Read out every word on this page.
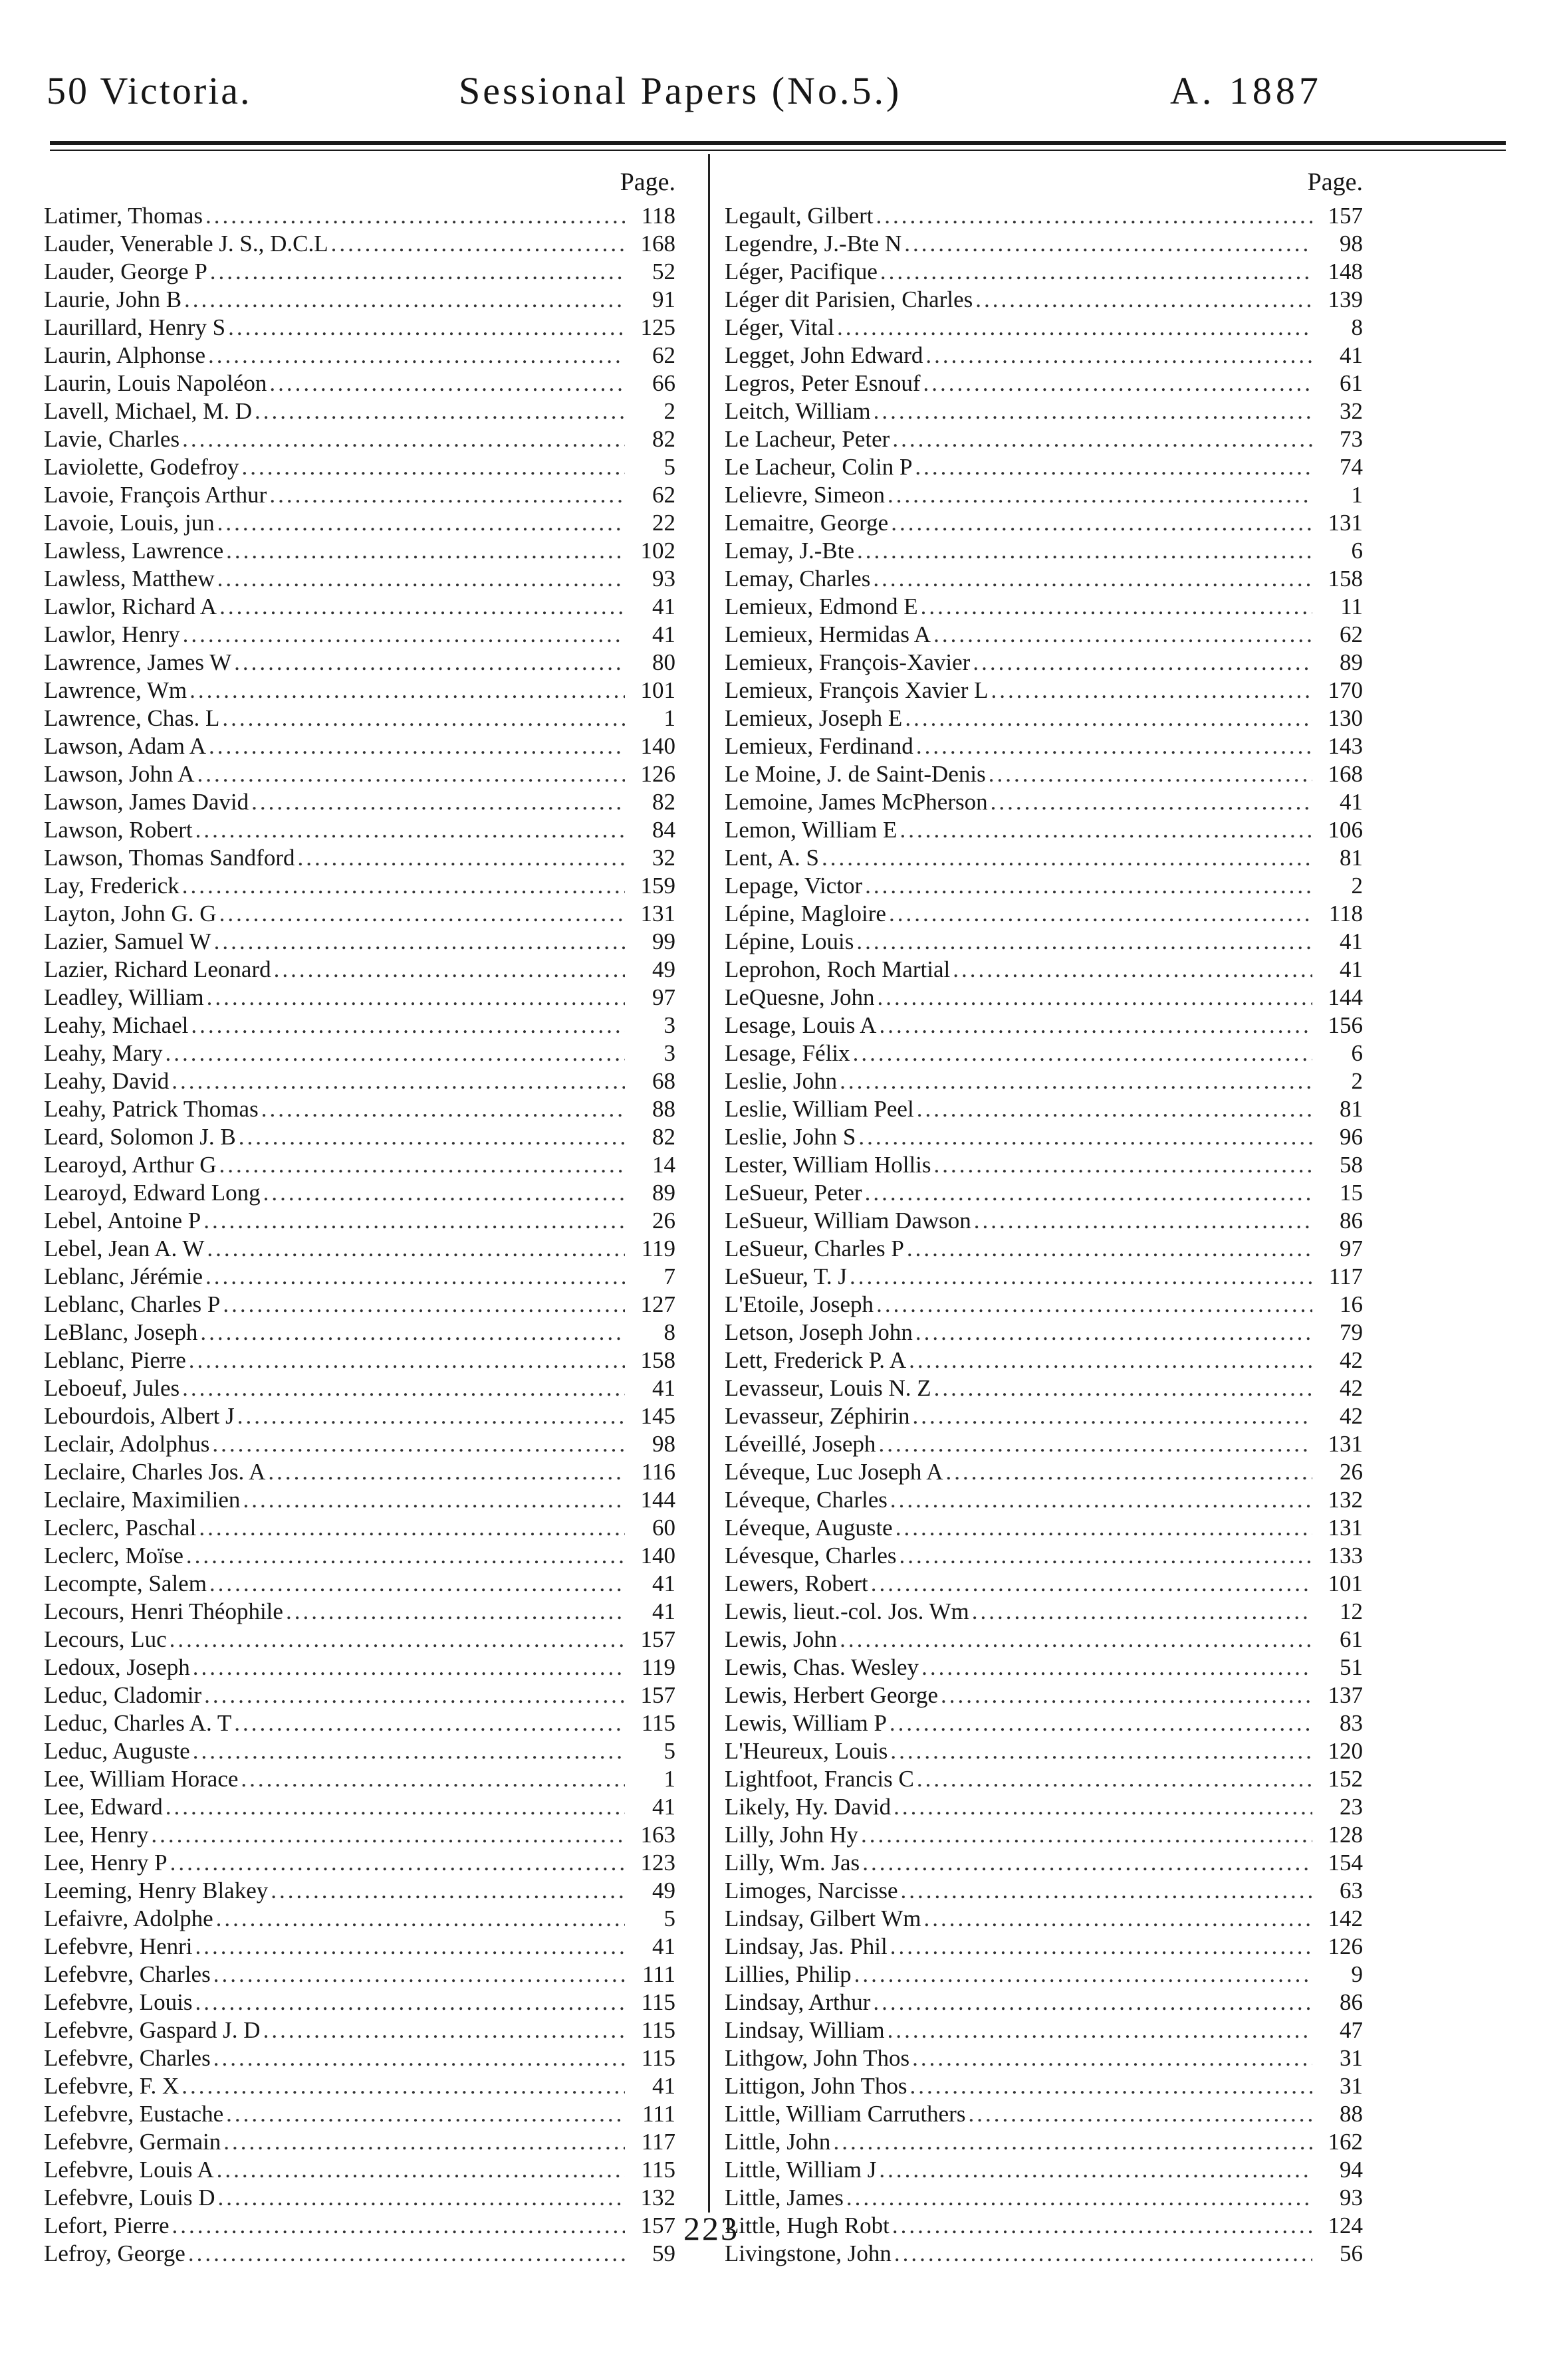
50 Victoria.	Sessional Papers (No.5.)	A. 1887
Page.
Latimer, Thomas .....	118
Lauder, Venerable J. S., D.C.L .....	168
Lauder, George P .....	52
Laurie, John B .....	91
Laurillard, Henry S .....	125
Laurin, Alphonse .....	62
Laurin, Louis Napoléon .....	66
Lavell, Michael, M. D .....	2
Lavie, Charles .....	82
Laviolette, Godefroy .....	5
Lavoie, François Arthur .....	62
Lavoie, Louis, jun .....	22
Lawless, Lawrence .....	102
Lawless, Matthew .....	93
Lawlor, Richard A .....	41
Lawlor, Henry .....	41
Lawrence, James W .....	80
Lawrence, Wm .....	101
Lawrence, Chas. L .....	1
Lawson, Adam A .....	140
Lawson, John A .....	126
Lawson, James David .....	82
Lawson, Robert .....	84
Lawson, Thomas Sandford .....	32
Lay, Frederick .....	159
Layton, John G. G .....	131
Lazier, Samuel W .....	99
Lazier, Richard Leonard .....	49
Leadley, William .....	97
Leahy, Michael .....	3
Leahy, Mary .....	3
Leahy, David .....	68
Leahy, Patrick Thomas .....	88
Leard, Solomon J. B .....	82
Learoyd, Arthur G .....	14
Learoyd, Edward Long .....	89
Lebel, Antoine P .....	26
Lebel, Jean A. W .....	119
Leblanc, Jérémie .....	7
Leblanc, Charles P .....	127
LeBlanc, Joseph .....	8
Leblanc, Pierre .....	158
Leboeuf, Jules .....	41
Lebourdois, Albert J .....	145
Leclair, Adolphus .....	98
Leclaire, Charles Jos. A .....	116
Leclaire, Maximilien .....	144
Leclerc, Paschal .....	60
Leclerc, Moïse .....	140
Lecompte, Salem .....	41
Lecours, Henri Théophile .....	41
Lecours, Luc .....	157
Ledoux, Joseph .....	119
Leduc, Cladomir .....	157
Leduc, Charles A. T .....	115
Leduc, Auguste .....	5
Lee, William Horace .....	1
Lee, Edward .....	41
Lee, Henry .....	163
Lee, Henry P .....	123
Leeming, Henry Blakey .....	49
Lefaivre, Adolphe .....	5
Lefebvre, Henri .....	41
Lefebvre, Charles .....	111
Lefebvre, Louis .....	115
Lefebvre, Gaspard J. D .....	115
Lefebvre, Charles .....	115
Lefebvre, F. X .....	41
Lefebvre, Eustache .....	111
Lefebvre, Germain .....	117
Lefebvre, Louis A .....	115
Lefebvre, Louis D .....	132
Lefort, Pierre .....	157
Lefroy, George .....	59
Page.
Legault, Gilbert .....	157
Legendre, J.-Bte N .....	98
Léger, Pacifique .....	148
Léger dit Parisien, Charles .....	139
Léger, Vital .....	8
Legget, John Edward .....	41
Legros, Peter Esnouf .....	61
Leitch, William .....	32
Le Lacheur, Peter .....	73
Le Lacheur, Colin P .....	74
Lelievre, Simeon .....	1
Lemaitre, George .....	131
Lemay, J.-Bte .....	6
Lemay, Charles .....	158
Lemieux, Edmond E .....	11
Lemieux, Hermidas A .....	62
Lemieux, François-Xavier .....	89
Lemieux, François Xavier L .....	170
Lemieux, Joseph E .....	130
Lemieux, Ferdinand .....	143
Le Moine, J. de Saint-Denis .....	168
Lemoine, James McPherson .....	41
Lemon, William E .....	106
Lent, A. S .....	81
Lepage, Victor .....	2
Lépine, Magloire .....	118
Lépine, Louis .....	41
Leprohon, Roch Martial .....	41
LeQuesne, John .....	144
Lesage, Louis A .....	156
Lesage, Félix .....	6
Leslie, John .....	2
Leslie, William Peel .....	81
Leslie, John S .....	96
Lester, William Hollis .....	58
LeSueur, Peter .....	15
LeSueur, William Dawson .....	86
LeSueur, Charles P .....	97
LeSueur, T. J .....	117
L'Etoile, Joseph .....	16
Letson, Joseph John .....	79
Lett, Frederick P. A .....	42
Levasseur, Louis N. Z .....	42
Levasseur, Zéphirin .....	42
Léveillé, Joseph .....	131
Léveque, Luc Joseph A .....	26
Léveque, Charles .....	132
Léveque, Auguste .....	131
Lévesque, Charles .....	133
Lewers, Robert .....	101
Lewis, lieut.-col. Jos. Wm .....	12
Lewis, John .....	61
Lewis, Chas. Wesley .....	51
Lewis, Herbert George .....	137
Lewis, William P .....	83
L'Heureux, Louis .....	120
Lightfoot, Francis C .....	152
Likely, Hy. David .....	23
Lilly, John Hy .....	128
Lilly, Wm. Jas .....	154
Limoges, Narcisse .....	63
Lindsay, Gilbert Wm .....	142
Lindsay, Jas. Phil .....	126
Lillies, Philip .....	9
Lindsay, Arthur .....	86
Lindsay, William .....	47
Lithgow, John Thos .....	31
Littigon, John Thos .....	31
Little, William Carruthers .....	88
Little, John .....	162
Little, William J .....	94
Little, James .....	93
Little, Hugh Robt .....	124
Livingstone, John .....	56
223
